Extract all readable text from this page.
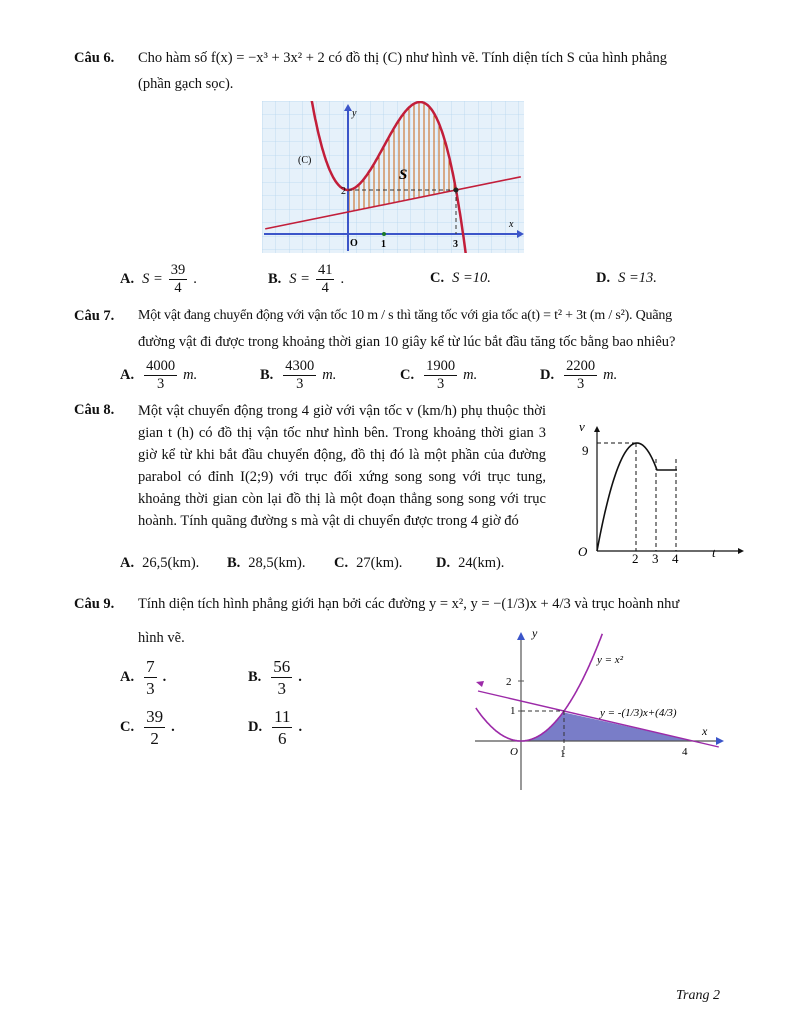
Câu 6. Cho hàm số f(x) = −x³ + 3x² + 2 có đồ thị (C) như hình vẽ. Tính diện tích S của hình phẳng
(phần gạch sọc).
(C)
S
2
y
x
O 1	3
A. $S = \frac{39}{4}$ .	B. $S = \frac{41}{4}$ .	C. S =10.	D. S =13.
Câu 7. Một vật đang chuyển động với vận tốc 10 m / s thì tăng tốc với gia tốc a(t) = t² + 3t (m / s²). Quãng
đường vật đi được trong khoảng thời gian 10 giây kể từ lúc bắt đầu tăng tốc bằng bao nhiêu?
A. $\frac{4000}{3} m$.	B. $\frac{4300}{3} m$.	C. $\frac{1900}{3} m$.	D. $\frac{2200}{3} m$.
Câu 8. Một vật chuyển động trong 4 giờ với vận tốc v (km/h) phụ thuộc thời gian t (h) có đồ thị vận tốc như hình bên. Trong khoảng thời gian 3 giờ kể từ khi bắt đầu chuyển động, đồ thị đó là một phần của đường parabol có đỉnh I(2;9) với trục đối xứng song song với trục tung, khoảng thời gian còn lại đồ thị là một đoạn thẳng song song với trục hoành. Tính quãng đường s mà vật di chuyển được trong 4 giờ đó
v
9
O	2 3 4	t
A. 26,5(km). B. 28,5(km). C. 27(km). D. 24(km).
Câu 9. Tính diện tích hình phẳng giới hạn bởi các đường y = x², y = −(1/3)x + 4/3 và trục hoành như
hình vẽ.
A. $\frac{7}{3}$ .	B. $\frac{56}{3}$ .
C. $\frac{39}{2}$ .	D. $\frac{11}{6}$ .
y
y = x²
2
1	y = -(1/3)x+(4/3)
x
O	1	4
Trang 2
